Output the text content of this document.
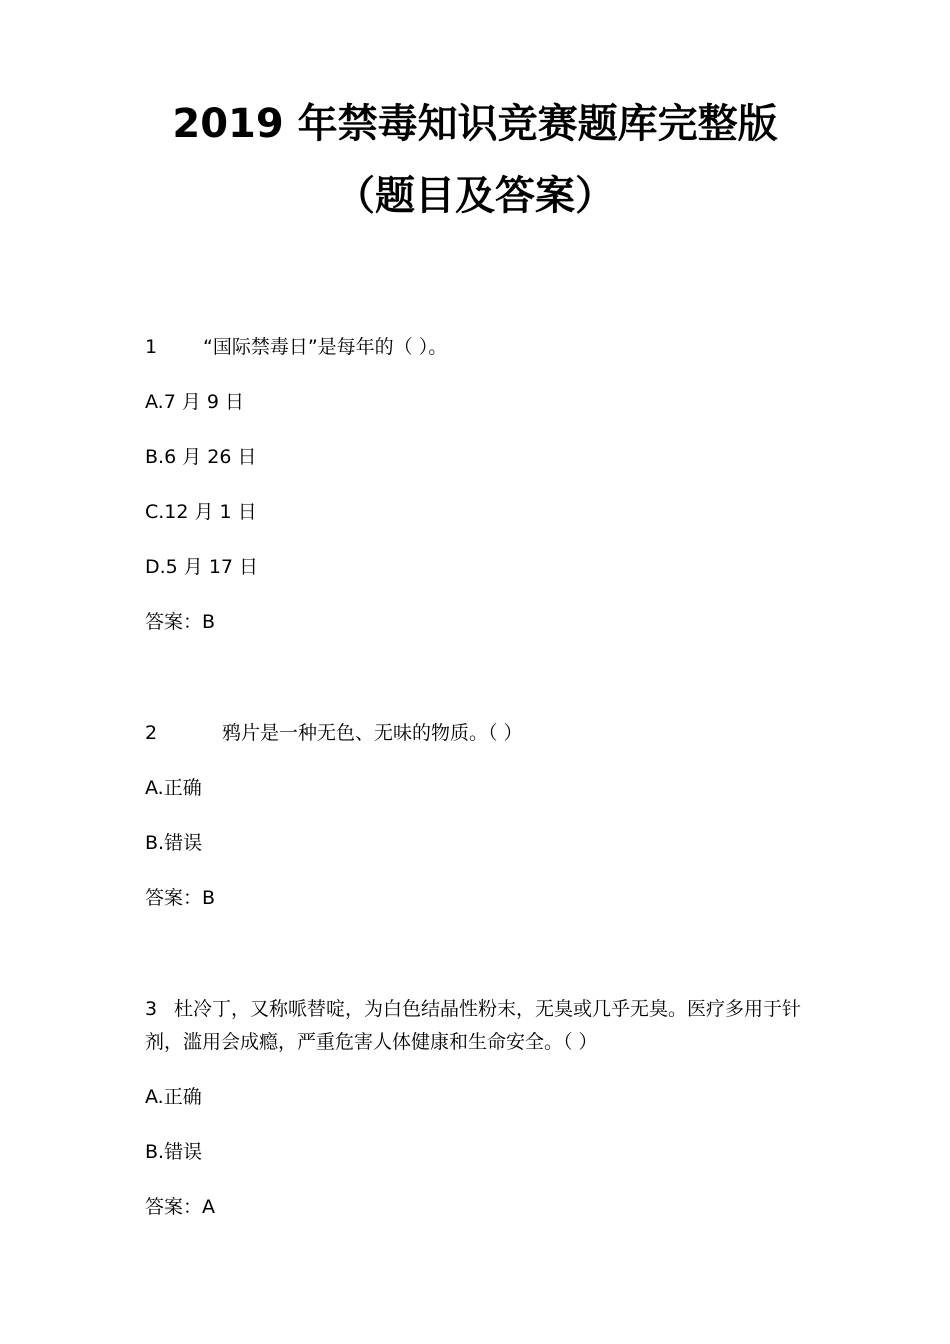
2019 年禁毒知识竞赛题库完整版
（题目及答案）
1 “国际禁毒日”是每年的（ ）。
A.7 月 9 日
B.6 月 26 日
C.12 月 1 日
D.5 月 17 日
答案：B
2	鸦片是一种无色、无味的物质。（ ）
A.正确
B.错误
答案：B
3 杜冷丁，又称哌替啶，为白色结晶性粉末，无臭或几乎无臭。医疗多用于针
剂，滥用会成瘾，严重危害人体健康和生命安全。（ ）
A.正确
B.错误
答案：A
